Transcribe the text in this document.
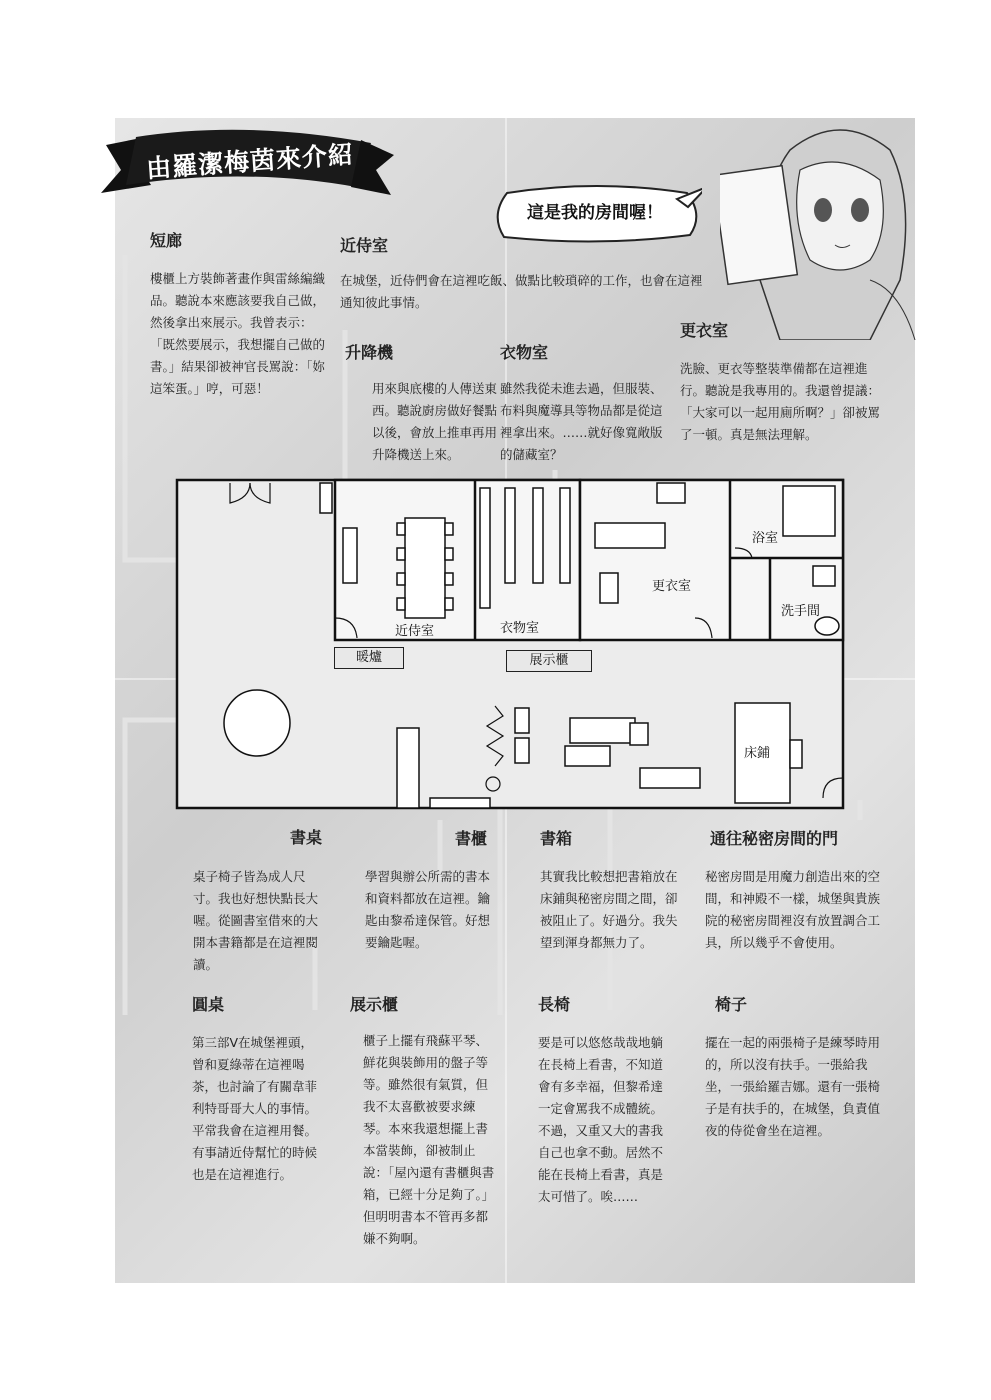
由羅潔梅茵來介紹
這是我的房間喔！
短廊
樓櫃上方裝飾著畫作與雷絲編織品。聽說本來應該要我自己做，然後拿出來展示。我曾表示：「既然要展示，我想擺自己做的書。」結果卻被神官長罵說：「妳這笨蛋。」哼，可惡！
近侍室
在城堡，近侍們會在這裡吃飯、做點比較瑣碎的工作，也會在這裡通知彼此事情。
升降機
用來與底樓的人傳送東西。聽說廚房做好餐點以後，會放上推車再用升降機送上來。
衣物室
雖然我從未進去過，但服裝、布料與魔導具等物品都是從這裡拿出來。……就好像寬敞版的儲藏室？
更衣室
洗臉、更衣等整裝準備都在這裡進行。聽說是我專用的。我還曾提議：「大家可以一起用廁所啊？」卻被罵了一頓。真是無法理解。
近侍室	衣物室
更衣室
浴室
洗手間
暖爐	展示櫃
床鋪
書桌
桌子椅子皆為成人尺寸。我也好想快點長大喔。從圖書室借來的大開本書籍都是在這裡閱讀。
書櫃
學習與辦公所需的書本和資料都放在這裡。鑰匙由黎希達保管。好想要鑰匙喔。
書箱
其實我比較想把書箱放在床鋪與秘密房間之間，卻被阻止了。好過分。我失望到渾身都無力了。
通往秘密房間的門
秘密房間是用魔力創造出來的空間，和神殿不一樣，城堡與貴族院的秘密房間裡沒有放置調合工具，所以幾乎不會使用。
圓桌
第三部V在城堡裡頭，曾和夏綠蒂在這裡喝茶，也討論了有關韋菲利特哥哥大人的事情。平常我會在這裡用餐。有事請近侍幫忙的時候也是在這裡進行。
展示櫃
櫃子上擺有飛蘇平琴、鮮花與裝飾用的盤子等等。雖然很有氣質，但我不太喜歡被要求練琴。本來我還想擺上書本當裝飾，卻被制止說：「屋內還有書櫃與書箱，已經十分足夠了。」但明明書本不管再多都嫌不夠啊。
長椅
要是可以悠悠哉哉地躺在長椅上看書，不知道會有多幸福，但黎希達一定會罵我不成體統。不過，又重又大的書我自己也拿不動。居然不能在長椅上看書，真是太可惜了。唉……
椅子
擺在一起的兩張椅子是練琴時用的，所以沒有扶手。一張給我坐，一張給羅吉娜。還有一張椅子是有扶手的，在城堡，負責值夜的侍從會坐在這裡。
